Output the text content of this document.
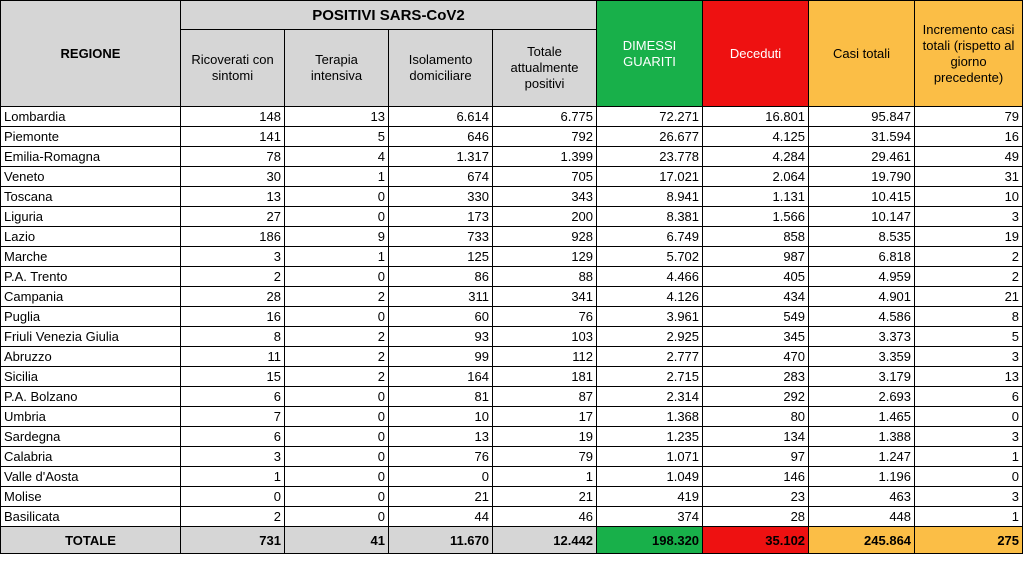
REGIONE	POSITIVI SARS-CoV2				DIMESSI GUARITI	Deceduti	Casi totali	Incremento casi totali (rispetto al giorno precedente)
	Ricoverati con sintomi	Terapia intensiva	Isolamento domiciliare	Totale attualmente positivi				
Lombardia	148	13	6.614	6.775	72.271	16.801	95.847	79
Piemonte	141	5	646	792	26.677	4.125	31.594	16
Emilia-Romagna	78	4	1.317	1.399	23.778	4.284	29.461	49
Veneto	30	1	674	705	17.021	2.064	19.790	31
Toscana	13	0	330	343	8.941	1.131	10.415	10
Liguria	27	0	173	200	8.381	1.566	10.147	3
Lazio	186	9	733	928	6.749	858	8.535	19
Marche	3	1	125	129	5.702	987	6.818	2
P.A. Trento	2	0	86	88	4.466	405	4.959	2
Campania	28	2	311	341	4.126	434	4.901	21
Puglia	16	0	60	76	3.961	549	4.586	8
Friuli Venezia Giulia	8	2	93	103	2.925	345	3.373	5
Abruzzo	11	2	99	112	2.777	470	3.359	3
Sicilia	15	2	164	181	2.715	283	3.179	13
P.A. Bolzano	6	0	81	87	2.314	292	2.693	6
Umbria	7	0	10	17	1.368	80	1.465	0
Sardegna	6	0	13	19	1.235	134	1.388	3
Calabria	3	0	76	79	1.071	97	1.247	1
Valle d'Aosta	1	0	0	1	1.049	146	1.196	0
Molise	0	0	21	21	419	23	463	3
Basilicata	2	0	44	46	374	28	448	1
TOTALE	731	41	11.670	12.442	198.320	35.102	245.864	275
